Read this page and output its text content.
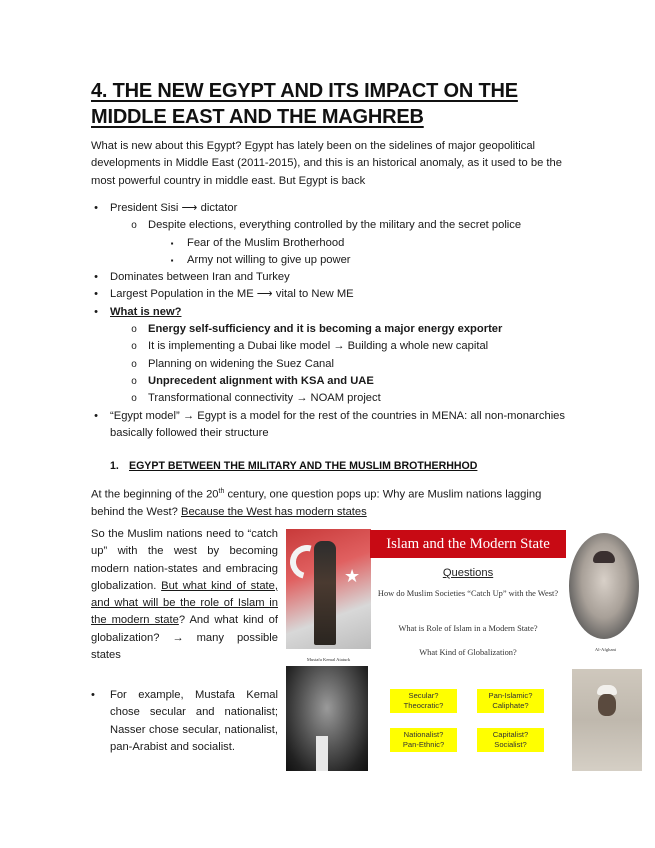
4. THE NEW EGYPT AND ITS IMPACT ON THE MIDDLE EAST AND THE MAGHREB

What is new about this Egypt? Egypt has lately been on the sidelines of major geopolitical developments in Middle East (2011-2015), and this is an historical anomaly, as it used to be the most powerful country in middle east. But Egypt is back

• President Sisi ⟶ dictator
o Despite elections, everything controlled by the military and the secret police
▪	Fear of the Muslim Brotherhood
▪	Army not willing to give up power
• Dominates between Iran and Turkey
• Largest Population in the ME ⟶ vital to New ME
• What is new?
o Energy self-sufficiency and it is becoming a major energy exporter
o It is implementing a Dubai like model → Building a whole new capital
o Planning on widening the Suez Canal
o Unprecedent alignment with KSA and UAE
o Transformational connectivity → NOAM project
• “Egypt model” → Egypt is a model for the rest of the countries in MENA: all non-monarchies basically followed their structure
1. EGYPT BETWEEN THE MILITARY AND THE MUSLIM BROTHERHHOD

At the beginning of the 20th century, one question pops up: Why are Muslim nations lagging behind the West? Because the West has modern states

So the Muslim nations need to “catch up” with the west by becoming modern nation-states and embracing globalization. But what kind of state, and what will be the role of Islam in the modern state? And what kind of globalization? → many possible states

• For example, Mustafa Kemal chose secular and nationalist; Nasser chose secular, nationalist, pan-Arabist and socialist.
★
Mustafa Kemal Ataturk
Islam and the Modern State
Questions
How do Muslim Societies “Catch Up” with the West?
What is Role of Islam in a Modern State?
What Kind of Globalization?
Secular?
Theocratic?
Pan-Islamic?
Caliphate?
Nationalist?
Pan-Ethnic?
Capitalist?
Socialist?
Al-Afghani
